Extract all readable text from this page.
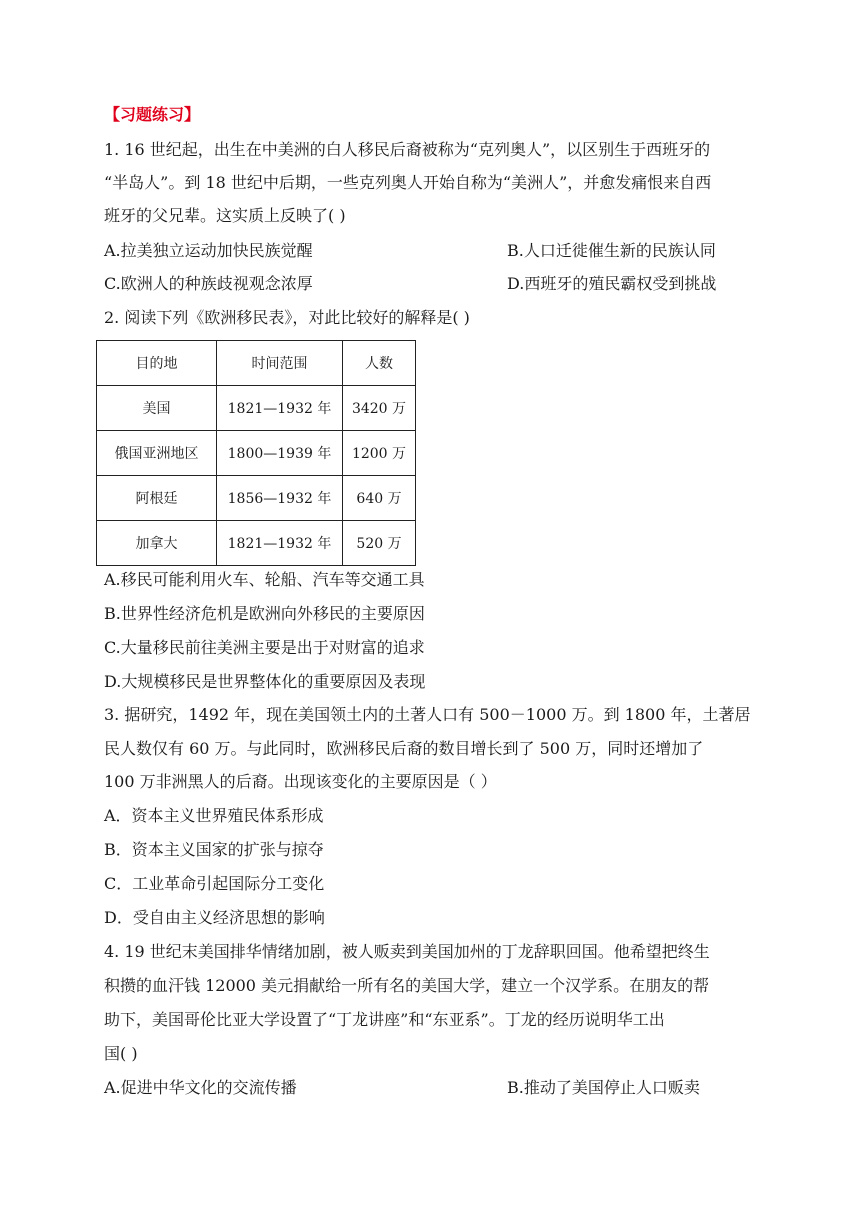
【习题练习】
1. 16 世纪起，出生在中美洲的白人移民后裔被称为“克列奥人”，以区别生于西班牙的
“半岛人”。到 18 世纪中后期，一些克列奥人开始自称为“美洲人”，并愈发痛恨来自西
班牙的父兄辈。这实质上反映了( )
A.拉美独立运动加快民族觉醒	B.人口迁徙催生新的民族认同
C.欧洲人的种族歧视观念浓厚	D.西班牙的殖民霸权受到挑战
2. 阅读下列《欧洲移民表》，对此比较好的解释是( )
目的地	时间范围	人数
美国	1821—1932 年	3420 万
俄国亚洲地区	1800—1939 年	1200 万
阿根廷	1856—1932 年	640 万
加拿大	1821—1932 年	520 万
A.移民可能利用火车、轮船、汽车等交通工具
B.世界性经济危机是欧洲向外移民的主要原因
C.大量移民前往美洲主要是出于对财富的追求
D.大规模移民是世界整体化的重要原因及表现
3. 据研究，1492 年，现在美国领土内的土著人口有 500－1000 万。到 1800 年，土著居
民人数仅有 60 万。与此同时，欧洲移民后裔的数目增长到了 500 万，同时还增加了
100 万非洲黑人的后裔。出现该变化的主要原因是（ ）
A．资本主义世界殖民体系形成
B．资本主义国家的扩张与掠夺
C．工业革命引起国际分工变化
D．受自由主义经济思想的影响
4. 19 世纪末美国排华情绪加剧，被人贩卖到美国加州的丁龙辞职回国。他希望把终生
积攒的血汗钱 12000 美元捐献给一所有名的美国大学，建立一个汉学系。在朋友的帮
助下，美国哥伦比亚大学设置了“丁龙讲座”和“东亚系”。丁龙的经历说明华工出
国( )
A.促进中华文化的交流传播	B.推动了美国停止人口贩卖
